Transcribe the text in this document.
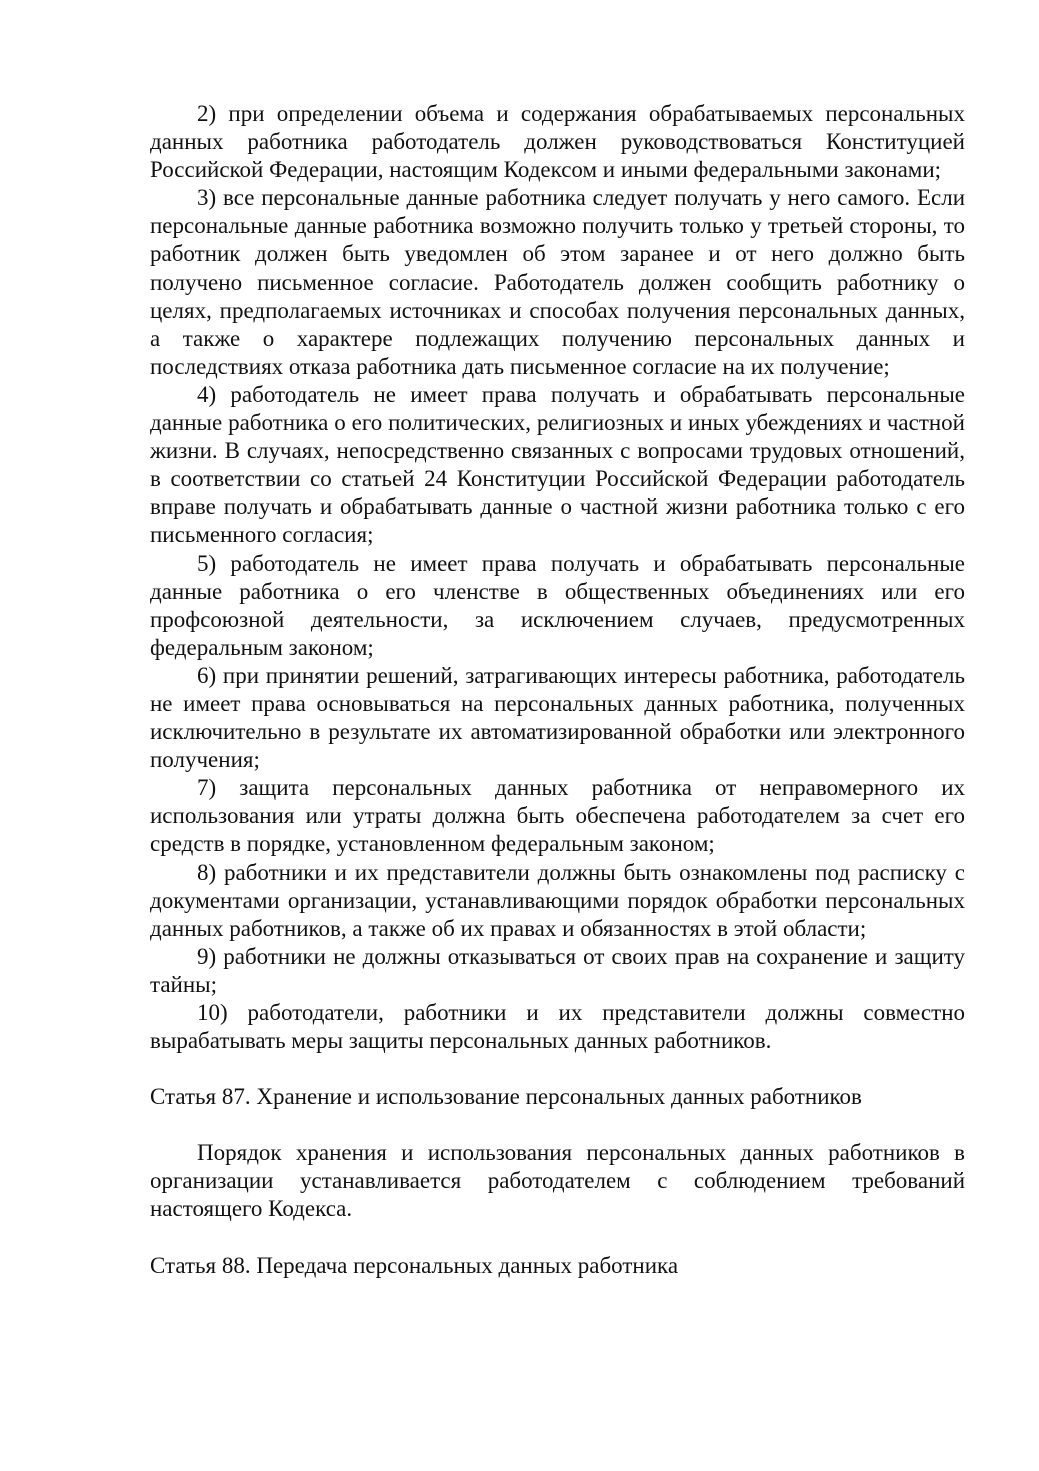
2) при определении объема и содержания обрабатываемых персональных данных работника работодатель должен руководствоваться Конституцией Российской Федерации, настоящим Кодексом и иными федеральными законами;

3) все персональные данные работника следует получать у него самого. Если персональные данные работника возможно получить только у третьей стороны, то работник должен быть уведомлен об этом заранее и от него должно быть получено письменное согласие. Работодатель должен сообщить работнику о целях, предполагаемых источниках и способах получения персональных данных, а также о характере подлежащих получению персональных данных и последствиях отказа работника дать письменное согласие на их получение;

4) работодатель не имеет права получать и обрабатывать персональные данные работника о его политических, религиозных и иных убеждениях и частной жизни. В случаях, непосредственно связанных с вопросами трудовых отношений, в соответствии со статьей 24 Конституции Российской Федерации работодатель вправе получать и обрабатывать данные о частной жизни работника только с его письменного согласия;

5) работодатель не имеет права получать и обрабатывать персональные данные работника о его членстве в общественных объединениях или его профсоюзной деятельности, за исключением случаев, предусмотренных федеральным законом;

6) при принятии решений, затрагивающих интересы работника, работодатель не имеет права основываться на персональных данных работника, полученных исключительно в результате их автоматизированной обработки или электронного получения;

7) защита персональных данных работника от неправомерного их использования или утраты должна быть обеспечена работодателем за счет его средств в порядке, установленном федеральным законом;

8) работники и их представители должны быть ознакомлены под расписку с документами организации, устанавливающими порядок обработки персональных данных работников, а также об их правах и обязанностях в этой области;

9) работники не должны отказываться от своих прав на сохранение и защиту тайны;

10) работодатели, работники и их представители должны совместно вырабатывать меры защиты персональных данных работников.

Статья 87. Хранение и использование персональных данных работников

Порядок хранения и использования персональных данных работников в организации устанавливается работодателем с соблюдением требований настоящего Кодекса.

Статья 88. Передача персональных данных работника
